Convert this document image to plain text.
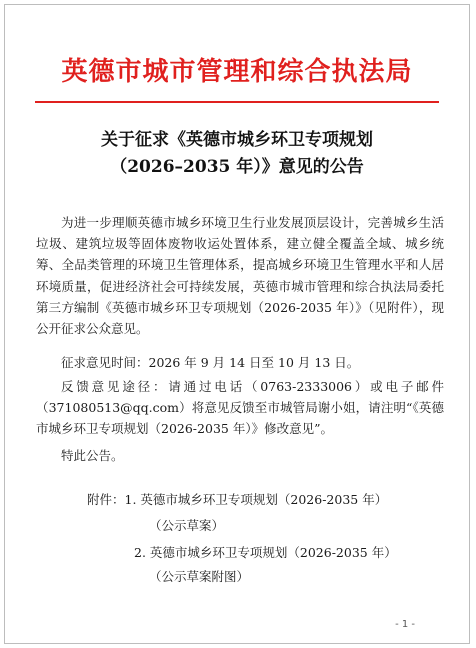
英德市城市管理和综合执法局
关于征求《英德市城乡环卫专项规划
（2026–2035 年）》意见的公告

为进一步理顺英德市城乡环境卫生行业发展顶层设计，完善城乡生活垃圾、建筑垃圾等固体废物收运处置体系，建立健全覆盖全域、城乡统筹、全品类管理的环境卫生管理体系，提高城乡环境卫生管理水平和人居环境质量，促进经济社会可持续发展，英德市城市管理和综合执法局委托第三方编制《英德市城乡环卫专项规划（2026-2035 年）》（见附件），现公开征求公众意见。

征求意见时间：2026 年 9 月 14 日至 10 月 13 日。

反馈意见途径：请通过电话（0763-2333006）或电子邮件（371080513@qq.com）将意见反馈至市城管局谢小姐，请注明“《英德市城乡环卫专项规划（2026-2035 年）》修改意见”。

特此公告。

附件：1. 英德市城乡环卫专项规划（2026-2035 年）
（公示草案）
2. 英德市城乡环卫专项规划（2026-2035 年）
（公示草案附图）
- 1 -
